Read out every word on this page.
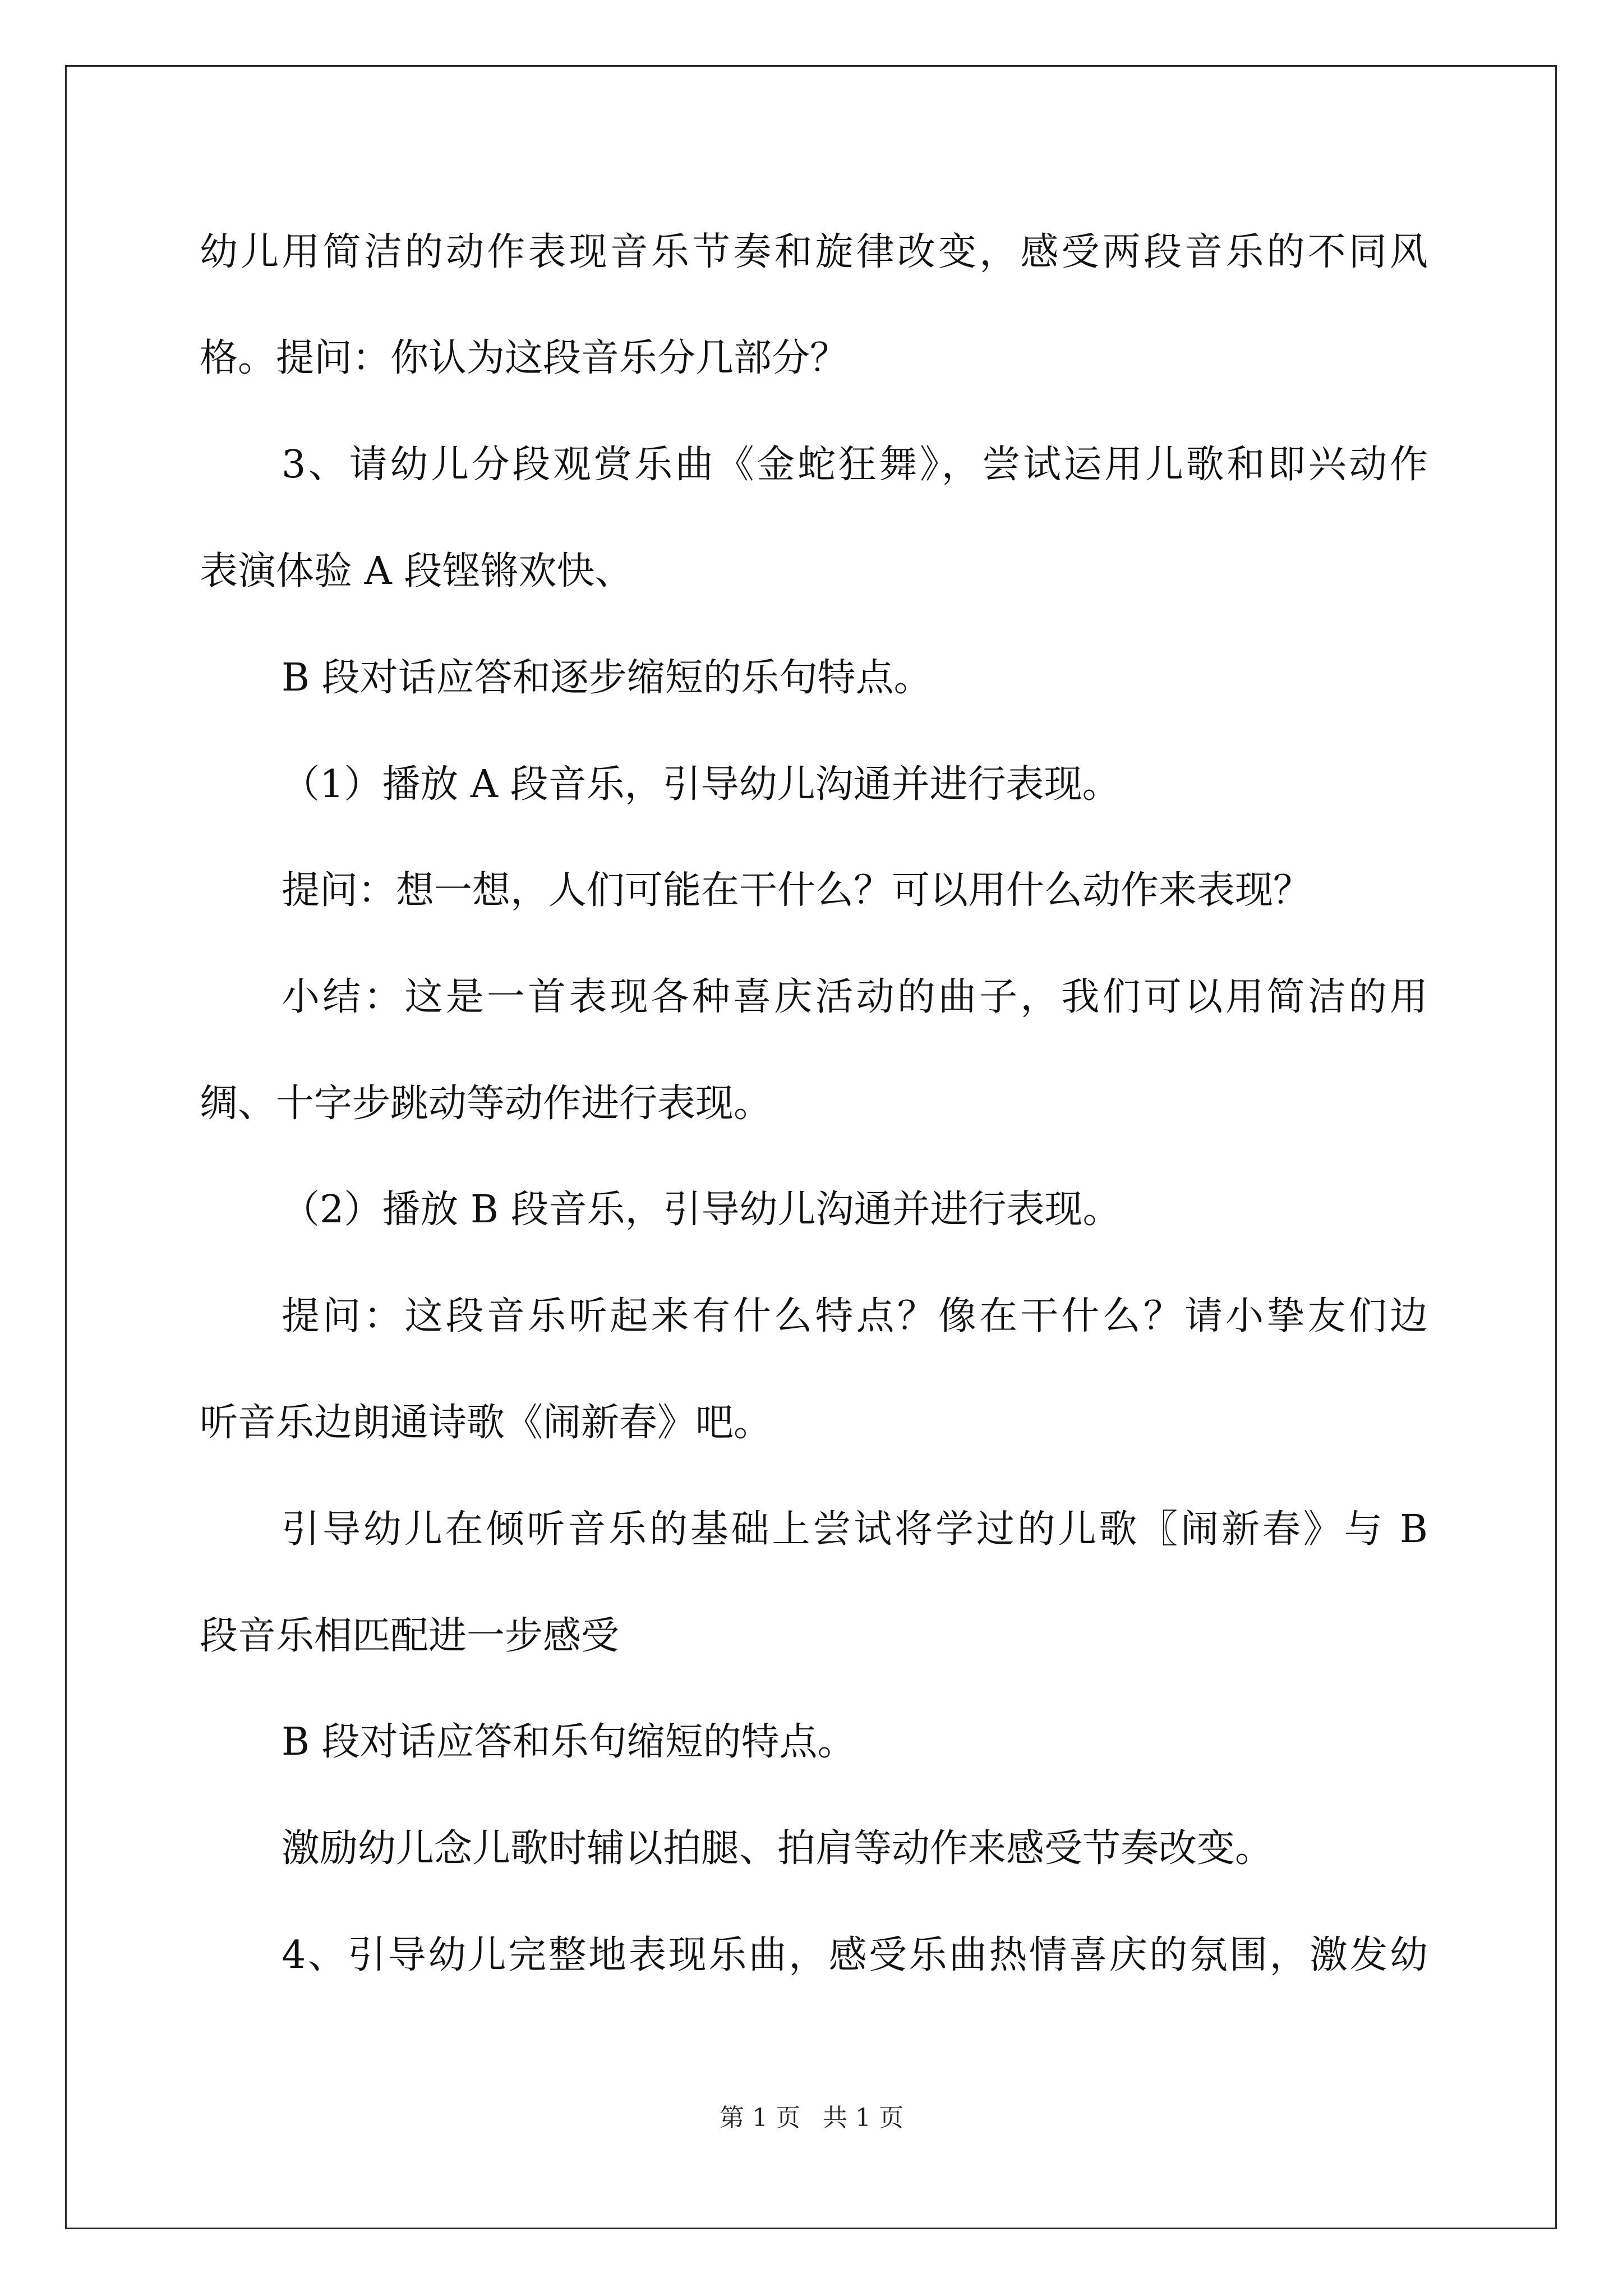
幼儿用简洁的动作表现音乐节奏和旋律改变，感受两段音乐的不同风
格。提问：你认为这段音乐分几部分？
3、请幼儿分段观赏乐曲《金蛇狂舞》，尝试运用儿歌和即兴动作
表演体验 A 段铿锵欢快、
B 段对话应答和逐步缩短的乐句特点。
（1）播放 A 段音乐，引导幼儿沟通并进行表现。
提问：想一想，人们可能在干什么？可以用什么动作来表现？
小结：这是一首表现各种喜庆活动的曲子，我们可以用简洁的用
绸、十字步跳动等动作进行表现。
（2）播放 B 段音乐，引导幼儿沟通并进行表现。
提问：这段音乐听起来有什么特点？像在干什么？请小挚友们边
听音乐边朗通诗歌《闹新春》吧。
引导幼儿在倾听音乐的基础上尝试将学过的儿歌〖闹新春》与 B
段音乐相匹配进一步感受
B 段对话应答和乐句缩短的特点。
激励幼儿念儿歌时辅以拍腿、拍肩等动作来感受节奏改变。
4、引导幼儿完整地表现乐曲，感受乐曲热情喜庆的氛围，激发幼
第 1 页 共 1 页
